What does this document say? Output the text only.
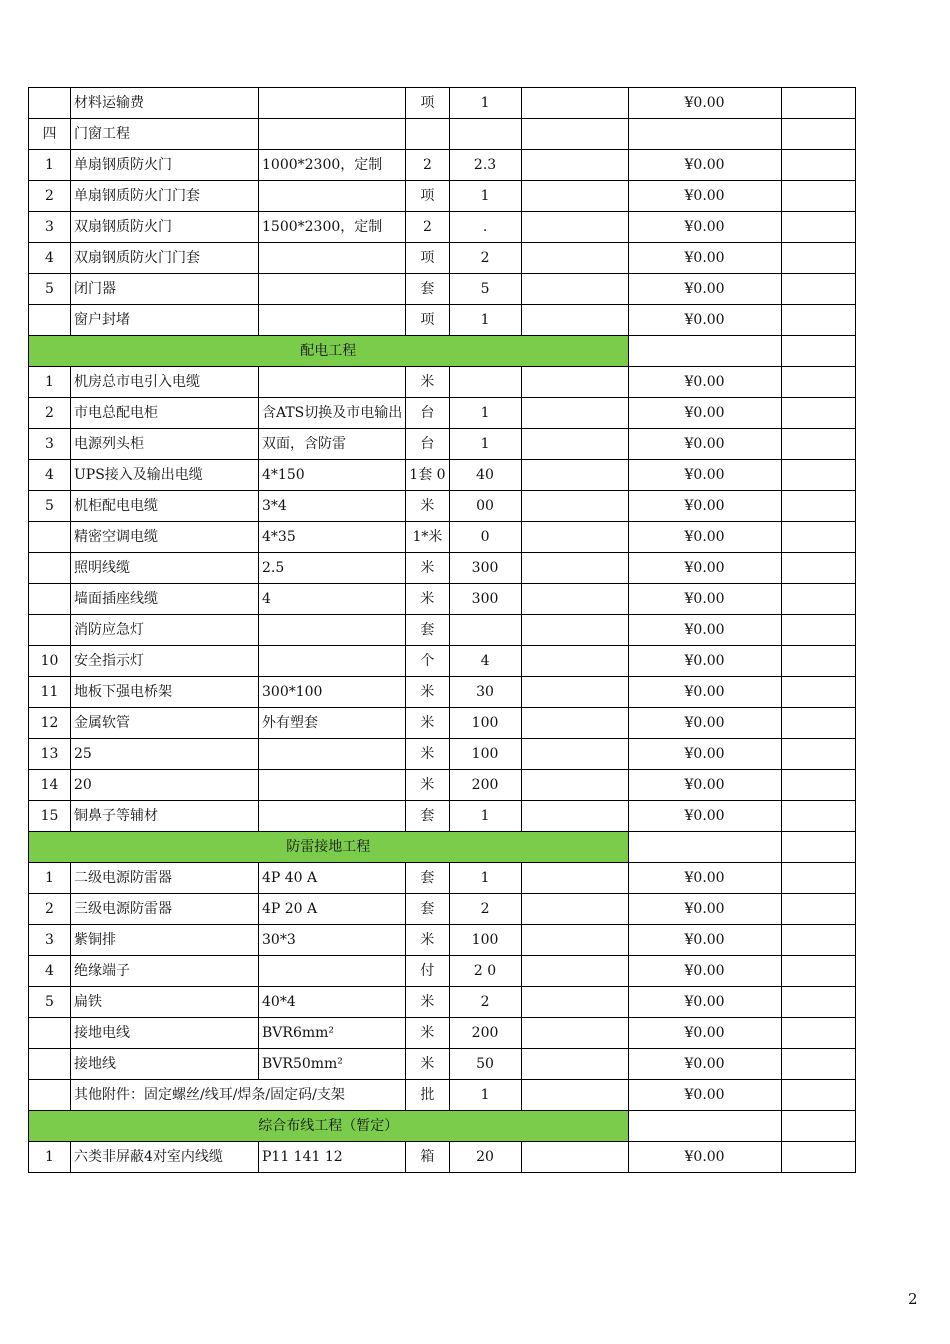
	材料运输费		项	1		¥0.00	
四	门窗工程						
1	单扇钢质防火门	1000*2300，定制	2	2.3		¥0.00	
2	单扇钢质防火门门套		项	1		¥0.00	
3	双扇钢质防火门	1500*2300，定制	2	.		¥0.00	
4	双扇钢质防火门门套		项	2		¥0.00	
5	闭门器		套	5		¥0.00	
	窗户封堵		项	1		¥0.00	
配电工程							
1	机房总市电引入电缆		米			¥0.00	
2	市电总配电柜	含ATS切换及市电输出	台	1		¥0.00	
3	电源列头柜	双面，含防雷	台	1		¥0.00	
4	UPS接入及输出电缆	4*150	1套 0	40		¥0.00	
5	机柜配电电缆	3*4	米	00		¥0.00	
	精密空调电缆	4*35	1*米	0		¥0.00	
	照明线缆	2.5	米	300		¥0.00	
	墙面插座线缆	4	米	300		¥0.00	
	消防应急灯		套			¥0.00	
10	安全指示灯		个	4		¥0.00	
11	地板下强电桥架	300*100	米	30		¥0.00	
12	金属软管	外有塑套	米	100		¥0.00	
13	25		米	100		¥0.00	
14	20		米	200		¥0.00	
15	铜鼻子等辅材		套	1		¥0.00	
防雷接地工程							
1	二级电源防雷器	4P 40 A	套	1		¥0.00	
2	三级电源防雷器	4P 20 A	套	2		¥0.00	
3	紫铜排	30*3	米	100		¥0.00	
4	绝缘端子		付	2 0		¥0.00	
5	扁铁	40*4	米	2		¥0.00	
	接地电线	BVR6mm²	米	200		¥0.00	
	接地线	BVR50mm²	米	50		¥0.00	
	其他附件：固定螺丝/线耳/焊条/固定码/支架		批	1		¥0.00	
综合布线工程（暂定）							
1	六类非屏蔽4对室内线缆	P11 141 12	箱	20		¥0.00	
2
